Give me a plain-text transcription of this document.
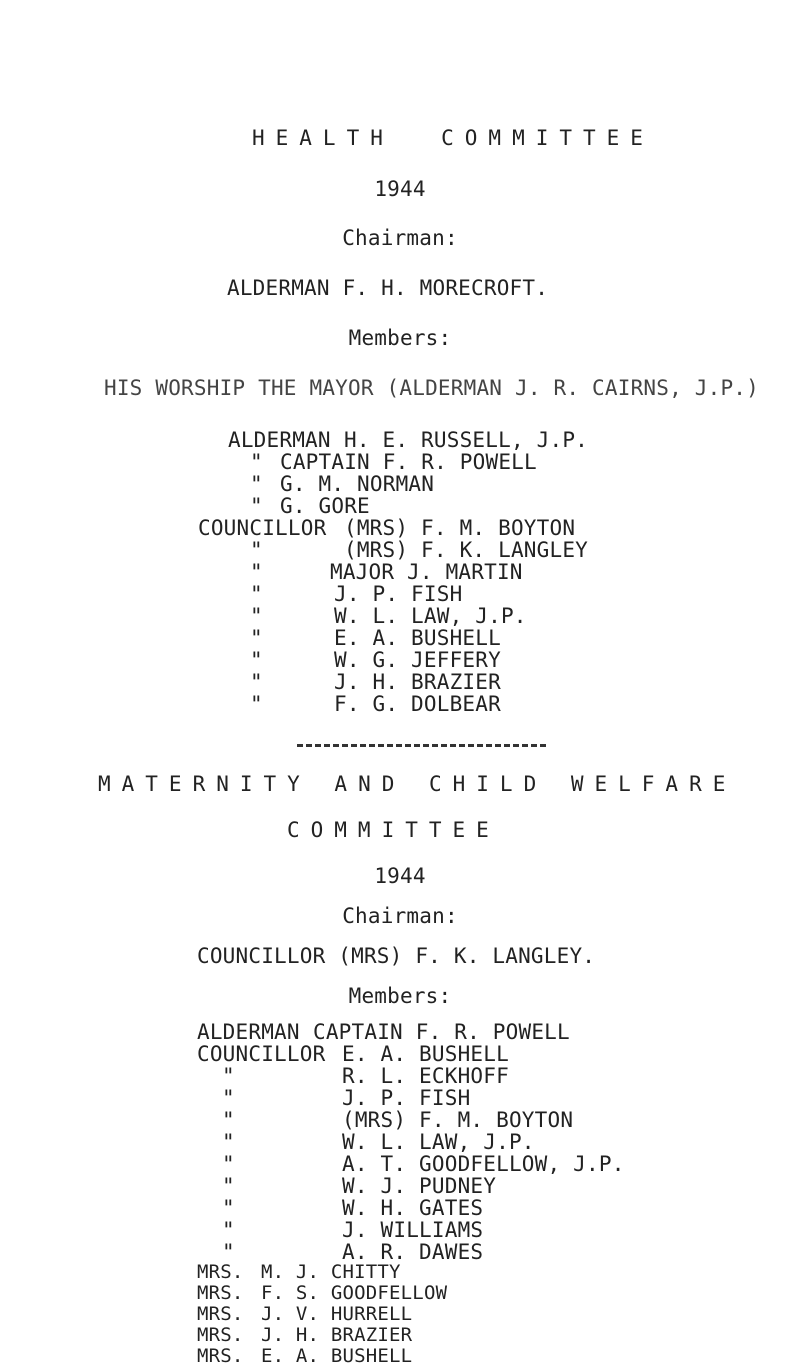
HEALTH  COMMITTEE
1944
Chairman:
ALDERMAN F. H. MORECROFT.
Members:
HIS WORSHIP THE MAYOR (ALDERMAN J. R. CAIRNS, J.P.)
ALDERMAN H. E. RUSSELL, J.P.
" CAPTAIN F. R. POWELL
" G. M. NORMAN
" G. GORE
COUNCILLOR (MRS) F. M. BOYTON
"	(MRS) F. K. LANGLEY
"	MAJOR J. MARTIN
"	J. P. FISH
"	W. L. LAW, J.P.
"	E. A. BUSHELL
"	W. G. JEFFERY
"	J. H. BRAZIER
"	F. G. DOLBEAR
MATERNITY AND CHILD WELFARE
COMMITTEE
1944
Chairman:
COUNCILLOR (MRS) F. K. LANGLEY.
Members:
ALDERMAN CAPTAIN F. R. POWELL
COUNCILLOR E. A. BUSHELL
"	R. L. ECKHOFF
"	J. P. FISH
"	(MRS) F. M. BOYTON
"	W. L. LAW, J.P.
"	A. T. GOODFELLOW, J.P.
"	W. J. PUDNEY
"	W. H. GATES
"	J. WILLIAMS
"	A. R. DAWES
MRS. M. J. CHITTY
MRS. F. S. GOODFELLOW
MRS. J. V. HURRELL
MRS. J. H. BRAZIER
MRS. E. A. BUSHELL
